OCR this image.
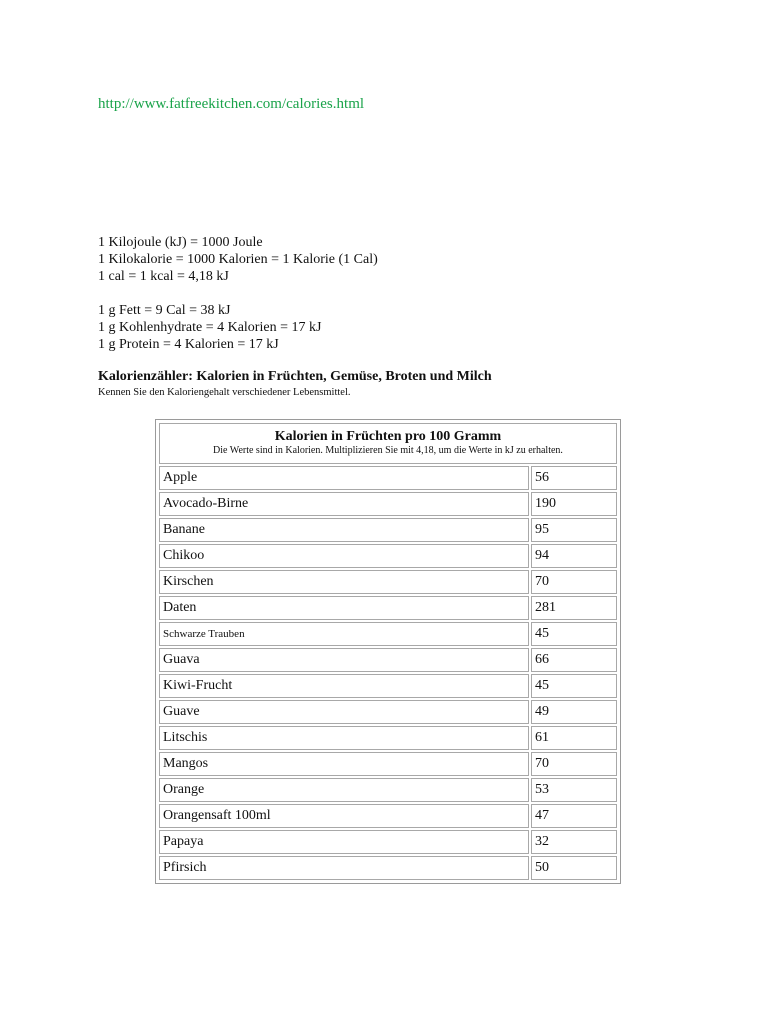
http://www.fatfreekitchen.com/calories.html
1 Kilojoule (kJ) = 1000 Joule
1 Kilokalorie = 1000 Kalorien = 1 Kalorie (1 Cal)
1 cal = 1 kcal = 4,18 kJ
1 g Fett = 9 Cal = 38 kJ
1 g Kohlenhydrate = 4 Kalorien = 17 kJ
1 g Protein = 4 Kalorien = 17 kJ
Kalorienzähler: Kalorien in Früchten, Gemüse, Broten und Milch
Kennen Sie den Kaloriengehalt verschiedener Lebensmittel.
Kalorien in Früchten pro 100 Gramm
Die Werte sind in Kalorien. Multiplizieren Sie mit 4,18, um die Werte in kJ zu erhalten.	

Apple	56
Avocado-Birne	190
Banane	95
Chikoo	94
Kirschen	70
Daten	281
Schwarze Trauben	45
Guava	66
Kiwi-Frucht	45
Guave	49
Litschis	61
Mangos	70
Orange	53
Orangensaft 100ml	47
Papaya	32
Pfirsich	50
